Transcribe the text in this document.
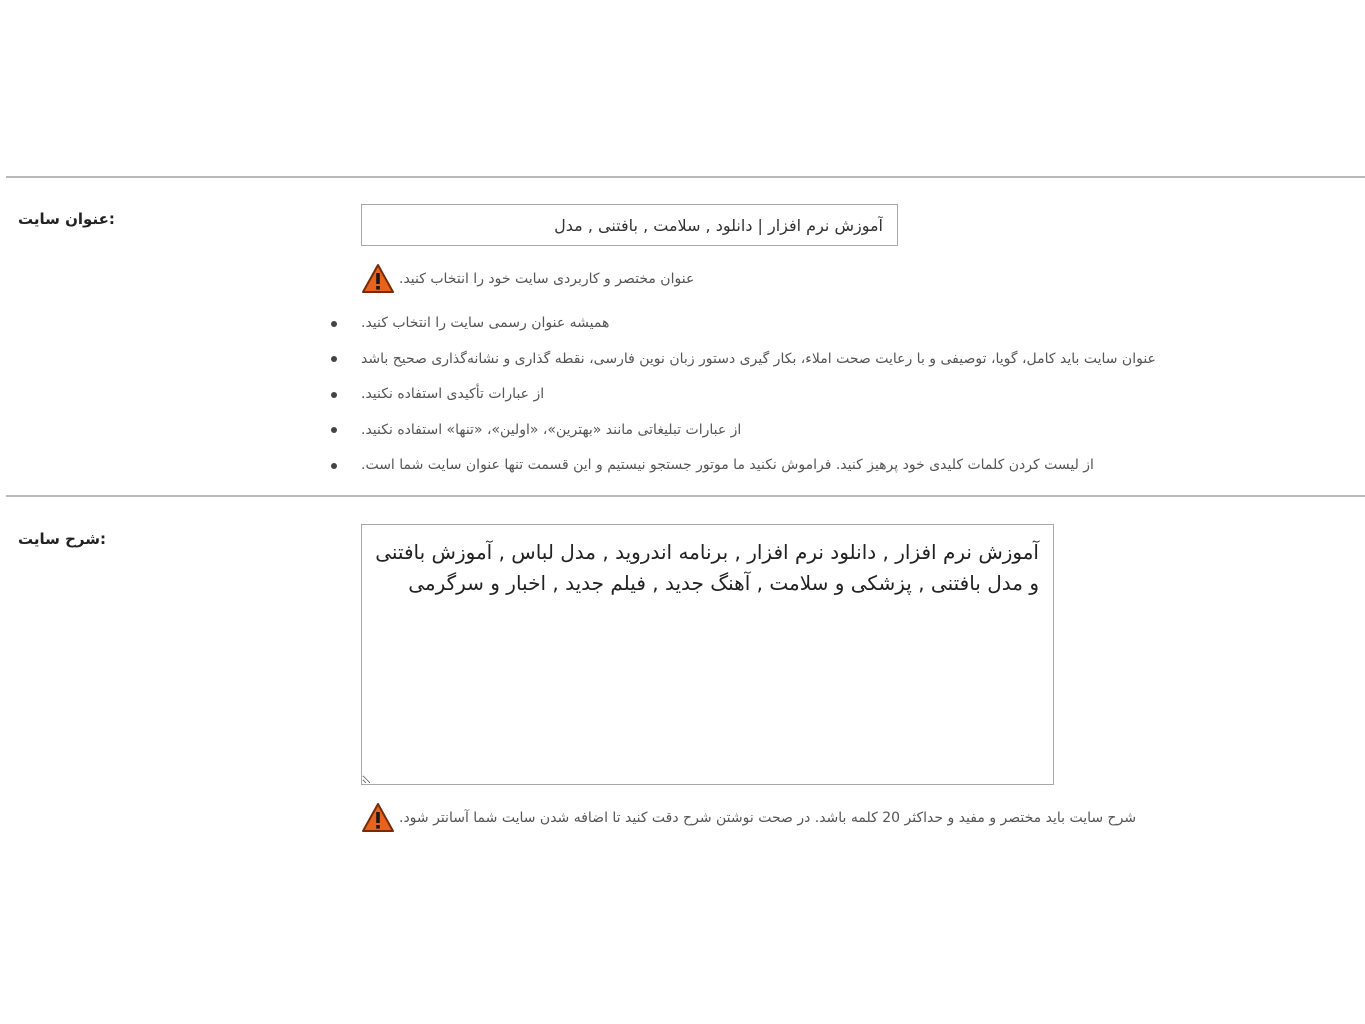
:عنوان سایت
آموزش نرم افزار | دانلود , سلامت , بافتنی , مدل
عنوان مختصر و کاربردی سایت خود را انتخاب کنید.
همیشه عنوان رسمی سایت را انتخاب کنید.
عنوان سایت باید کامل، گویا، توصیفی و با رعایت صحت املاء، بکار گیری دستور زبان نوین فارسی، نقطه گذاری و نشانه‌گذاری صحیح باشد
از عبارات تأکیدی استفاده نکنید.
از عبارات تبلیغاتی مانند «بهترین»، «اولین»، «تنها» استفاده نکنید.
از لیست کردن کلمات کلیدی خود پرهیز کنید. فراموش نکنید ما موتور جستجو نیستیم و این قسمت تنها عنوان سایت شما است.
:شرح سایت
آموزش نرم افزار , دانلود نرم افزار , برنامه اندروید , مدل لباس , آموزش بافتنی و مدل بافتنی , پزشکی و سلامت , آهنگ جدید , فیلم جدید , اخبار و سرگرمی
شرح سایت باید مختصر و مفید و حداکثر 20 کلمه باشد. در صحت نوشتن شرح دقت کنید تا اضافه شدن سایت شما آسانتر شود.
